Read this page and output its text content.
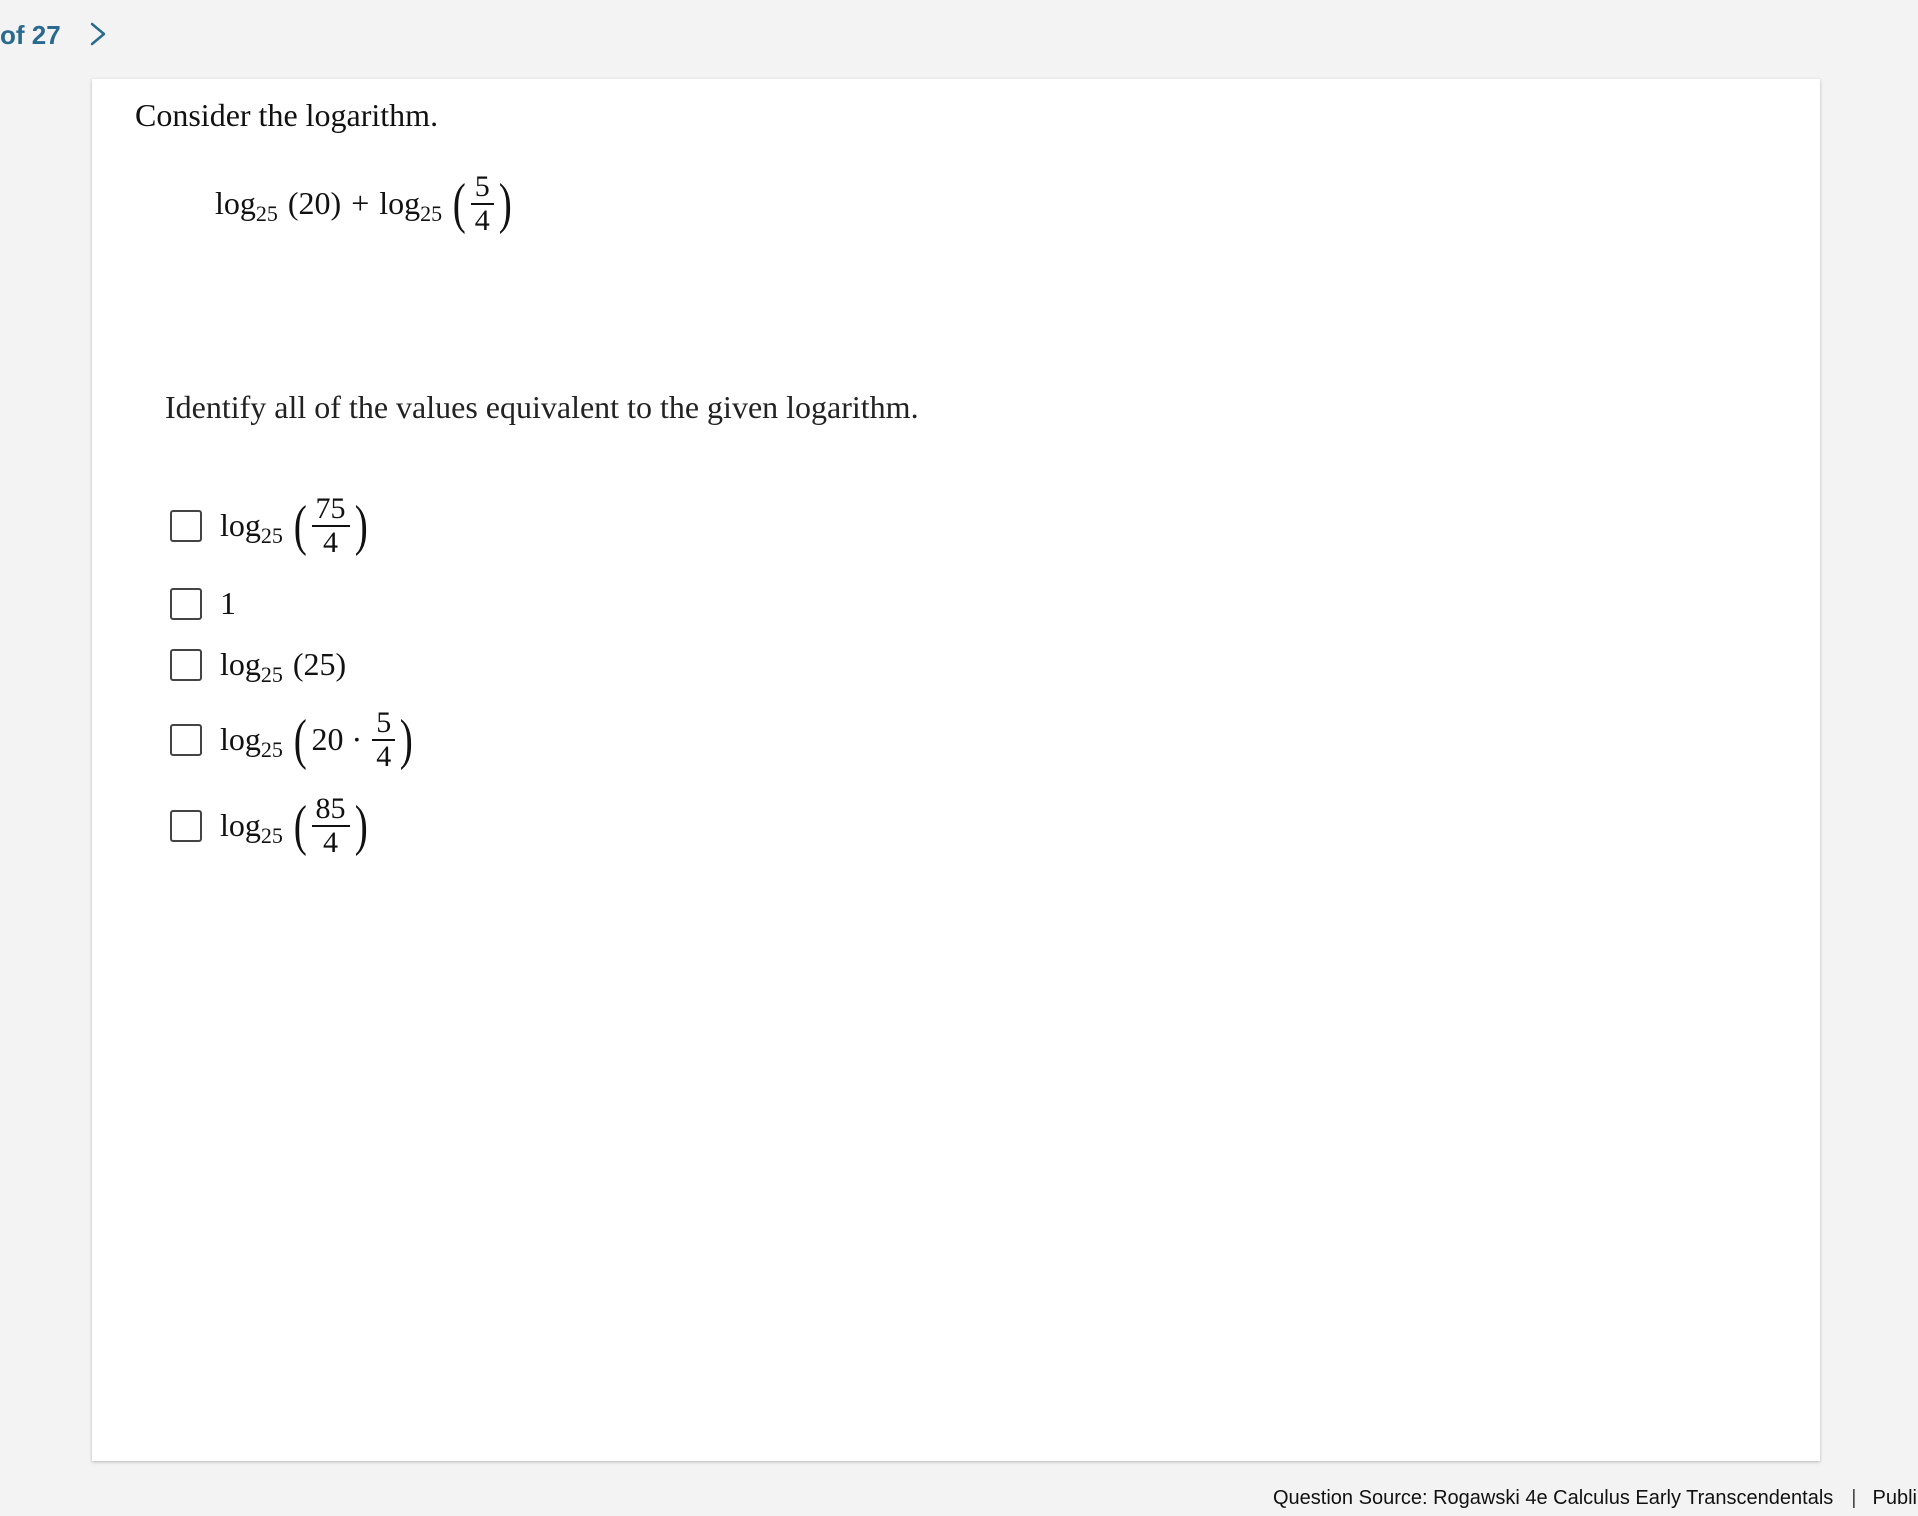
of 27
Consider the logarithm.
log 25 (20) + log 25 ( $\frac{5}{4}$ )
Identify all of the values equivalent to the given logarithm.
log 25 ( $\frac{75}{4}$ )
1
log 25 (25)
log 25 ( $20 \cdot \frac{5}{4}$ )
log 25 ( $\frac{85}{4}$ )
Question Source: Rogawski 4e Calculus Early Transcendentals | Publi
